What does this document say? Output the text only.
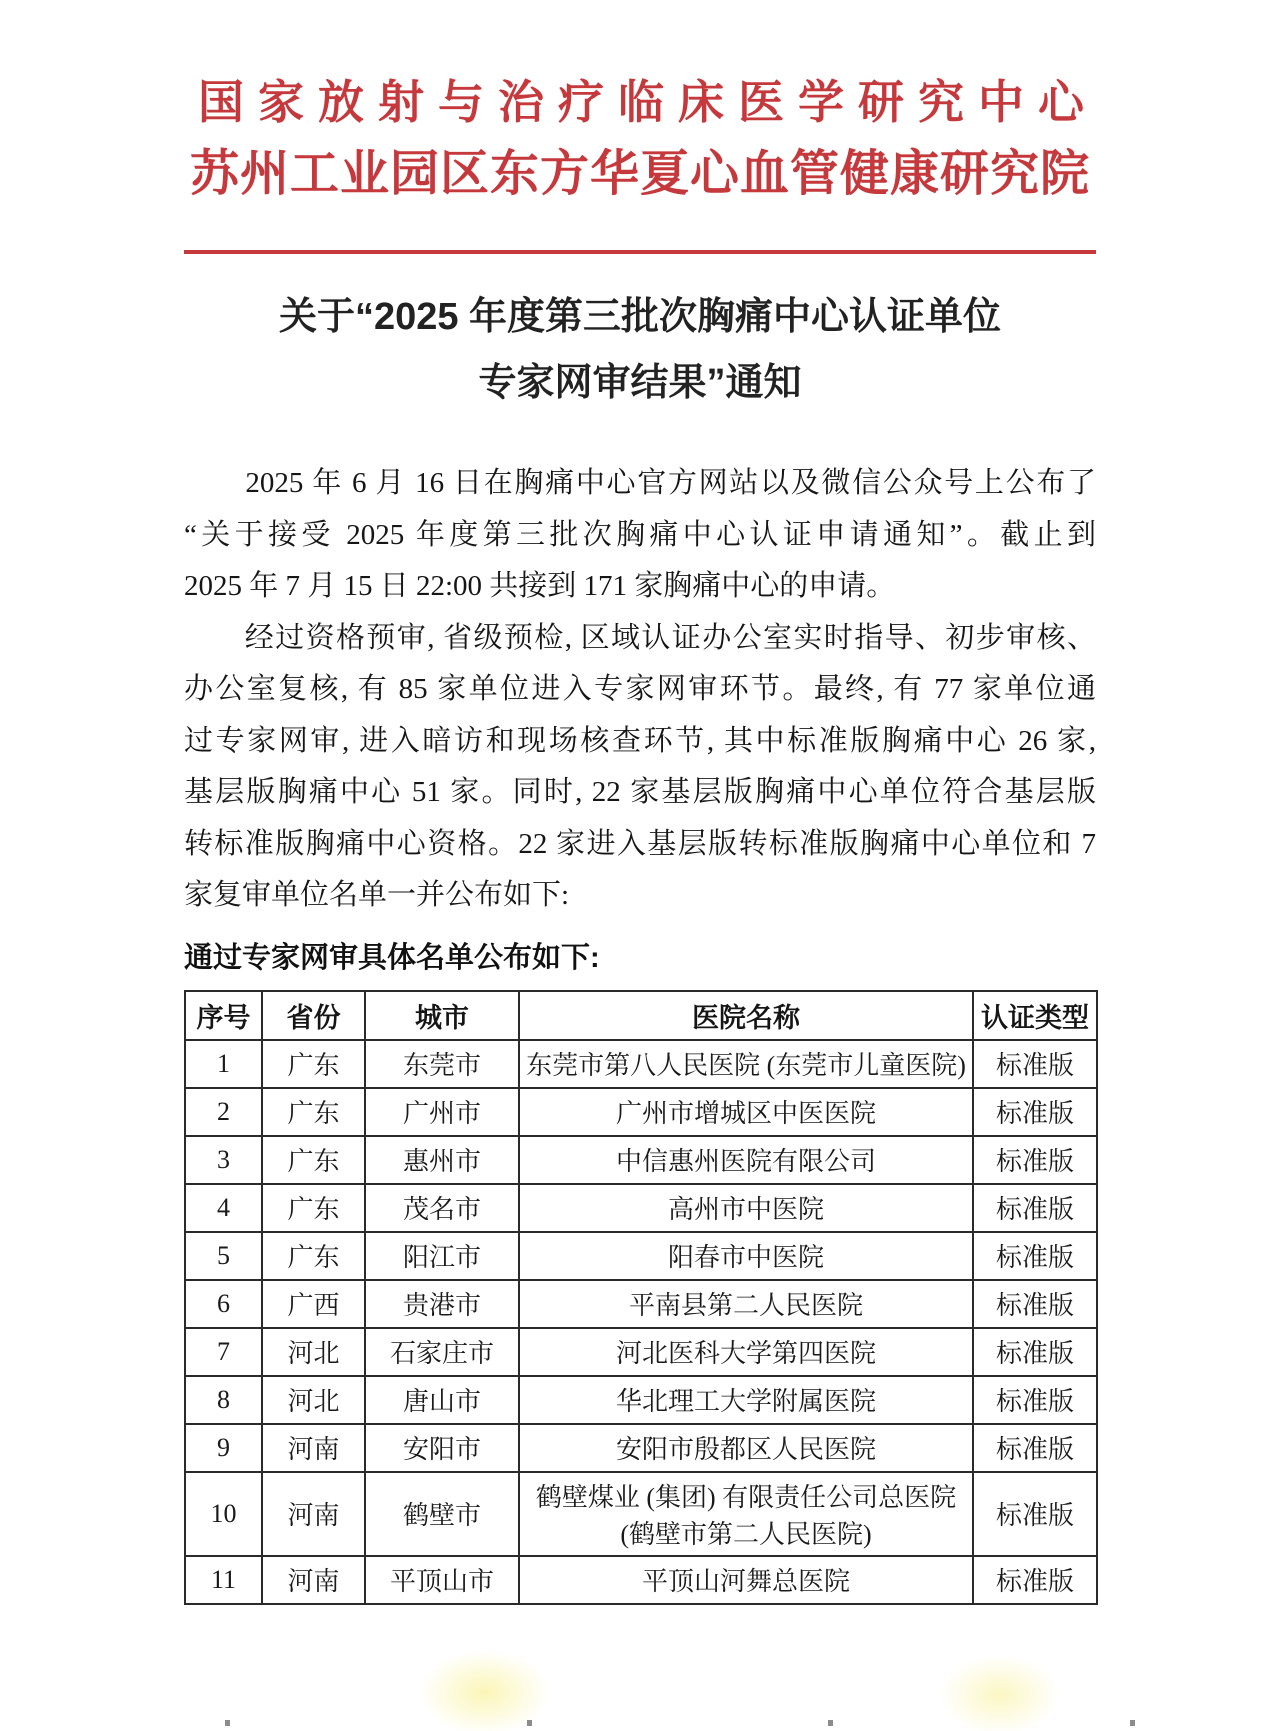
国家放射与治疗临床医学研究中心
苏州工业园区东方华夏心血管健康研究院
关于“2025 年度第三批次胸痛中心认证单位
专家网审结果”通知
　　2025 年 6 月 16 日在胸痛中心官方网站以及微信公众号上公布了
“关于接受 2025 年度第三批次胸痛中心认证申请通知”。截止到
2025 年 7 月 15 日 22:00 共接到 171 家胸痛中心的申请。
　　经过资格预审, 省级预检, 区域认证办公室实时指导、初步审核、
办公室复核, 有 85 家单位进入专家网审环节。最终, 有 77 家单位通
过专家网审, 进入暗访和现场核查环节, 其中标准版胸痛中心 26 家,
基层版胸痛中心 51 家。同时, 22 家基层版胸痛中心单位符合基层版
转标准版胸痛中心资格。22 家进入基层版转标准版胸痛中心单位和 7
家复审单位名单一并公布如下:
通过专家网审具体名单公布如下:
序号	省份	城市	医院名称	认证类型
1	广东	东莞市	东莞市第八人民医院 (东莞市儿童医院)	标准版
2	广东	广州市	广州市增城区中医医院	标准版
3	广东	惠州市	中信惠州医院有限公司	标准版
4	广东	茂名市	高州市中医院	标准版
5	广东	阳江市	阳春市中医院	标准版
6	广西	贵港市	平南县第二人民医院	标准版
7	河北	石家庄市	河北医科大学第四医院	标准版
8	河北	唐山市	华北理工大学附属医院	标准版
9	河南	安阳市	安阳市殷都区人民医院	标准版
10	河南	鹤壁市	鹤壁煤业 (集团) 有限责任公司总医院 (鹤壁市第二人民医院)	标准版
11	河南	平顶山市	平顶山河舞总医院	标准版
